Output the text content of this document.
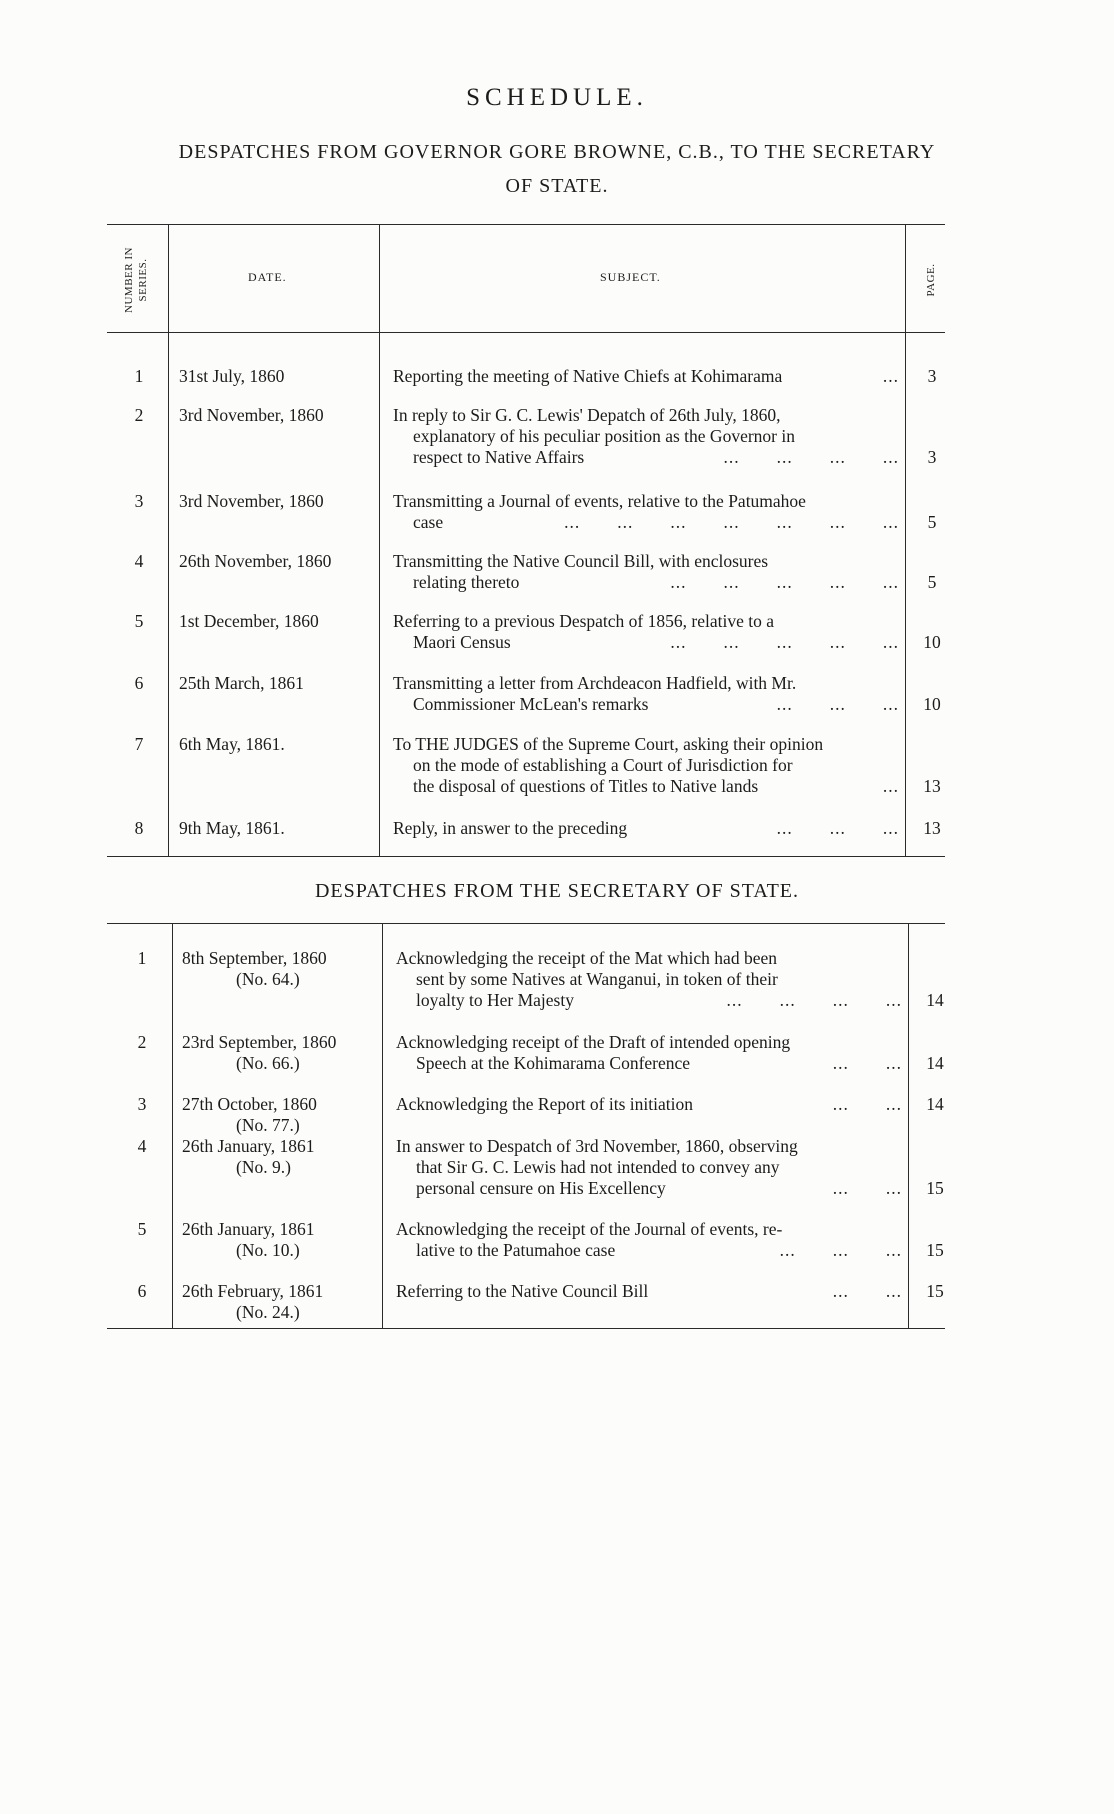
SCHEDULE.
DESPATCHES FROM GOVERNOR GORE BROWNE, C.B., TO THE SECRETARY
OF STATE.
NUMBER IN SERIES.	DATE.	SUBJECT.	PAGE.
1	31st July, 1860	Reporting the meeting of Native Chiefs at Kohimarama	...	3
2	3rd November, 1860	In reply to Sir G. C. Lewis' Depatch of 26th July, 1860,
explanatory of his peculiar position as the Governor in
respect to Native Affairs	...  ...  ...  ...	3
3	3rd November, 1860	Transmitting a Journal of events, relative to the Patumahoe
case	...  ...  ...  ...  ...  ...  ...	5
4	26th November, 1860	Transmitting the Native Council Bill, with enclosures
relating thereto	...  ...  ...  ...  ...	5
5	1st December, 1860	Referring to a previous Despatch of 1856, relative to a
Maori Census	...  ...  ...  ...  ...	10
6	25th March, 1861	Transmitting a letter from Archdeacon Hadfield, with Mr.
Commissioner McLean's remarks	...  ...  ...	10
7	6th May, 1861.	To THE JUDGES of the Supreme Court, asking their opinion
on the mode of establishing a Court of Jurisdiction for
the disposal of questions of Titles to Native lands	...	13
8	9th May, 1861.	Reply, in answer to the preceding	...  ...  ...	13
DESPATCHES FROM THE SECRETARY OF STATE.
1	8th September, 1860
(No. 64.)
Acknowledging the receipt of the Mat which had been
sent by some Natives at Wanganui, in token of their
loyalty to Her Majesty	...  ...  ...  ...	14
2	23rd September, 1860
(No. 66.)
Acknowledging receipt of the Draft of intended opening
Speech at the Kohimarama Conference	...  ...	14
3	27th October, 1860
(No. 77.)
Acknowledging the Report of its initiation	...  ...	14
4	26th January, 1861
(No. 9.)
In answer to Despatch of 3rd November, 1860, observing
that Sir G. C. Lewis had not intended to convey any
personal censure on His Excellency	...  ...	15
5	26th January, 1861
(No. 10.)
Acknowledging the receipt of the Journal of events, re-
lative to the Patumahoe case	...  ...  ...	15
6	26th February, 1861
(No. 24.)
Referring to the Native Council Bill	...  ...	15
